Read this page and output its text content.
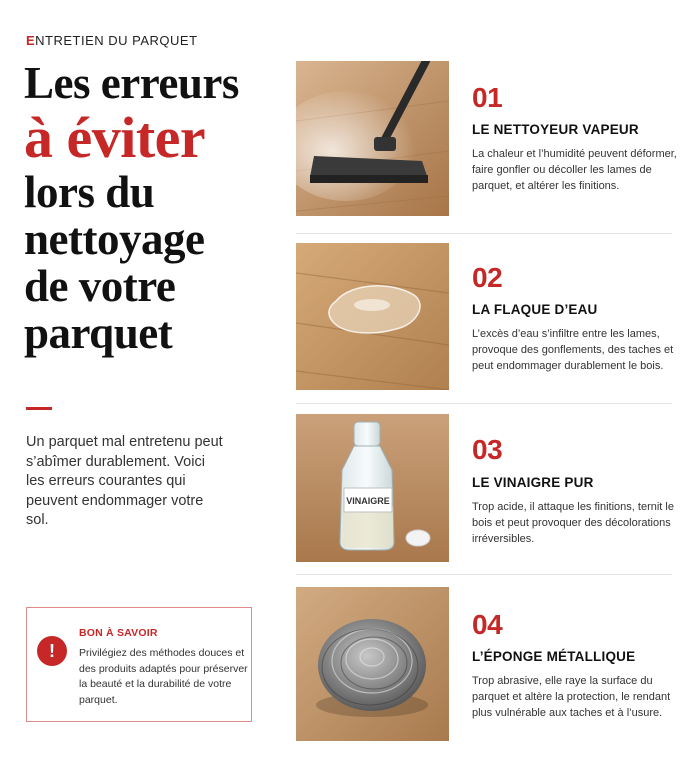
ENTRETIEN DU PARQUET
Les erreurs
à éviter
lors du
nettoyage
de votre
parquet

Un parquet mal entretenu peut s’abîmer durablement. Voici les erreurs courantes qui peuvent endommager votre sol.

!
BON À SAVOIR
Privilégiez des méthodes douces et des produits adaptés pour préserver la beauté et la durabilité de votre parquet.
01
LE NETTOYEUR VAPEUR
La chaleur et l’humidité peuvent déformer, faire gonfler ou décoller les lames de parquet, et altérer les finitions.
02
LA FLAQUE D’EAU
L’excès d’eau s’infiltre entre les lames, provoque des gonflements, des taches et peut endommager durablement le bois.
VINAIGRE
03
LE VINAIGRE PUR
Trop acide, il attaque les finitions, ternit le bois et peut provoquer des décolorations irréversibles.
04
L’ÉPONGE MÉTALLIQUE
Trop abrasive, elle raye la surface du parquet et altère la protection, le rendant plus vulnérable aux taches et à l’usure.
